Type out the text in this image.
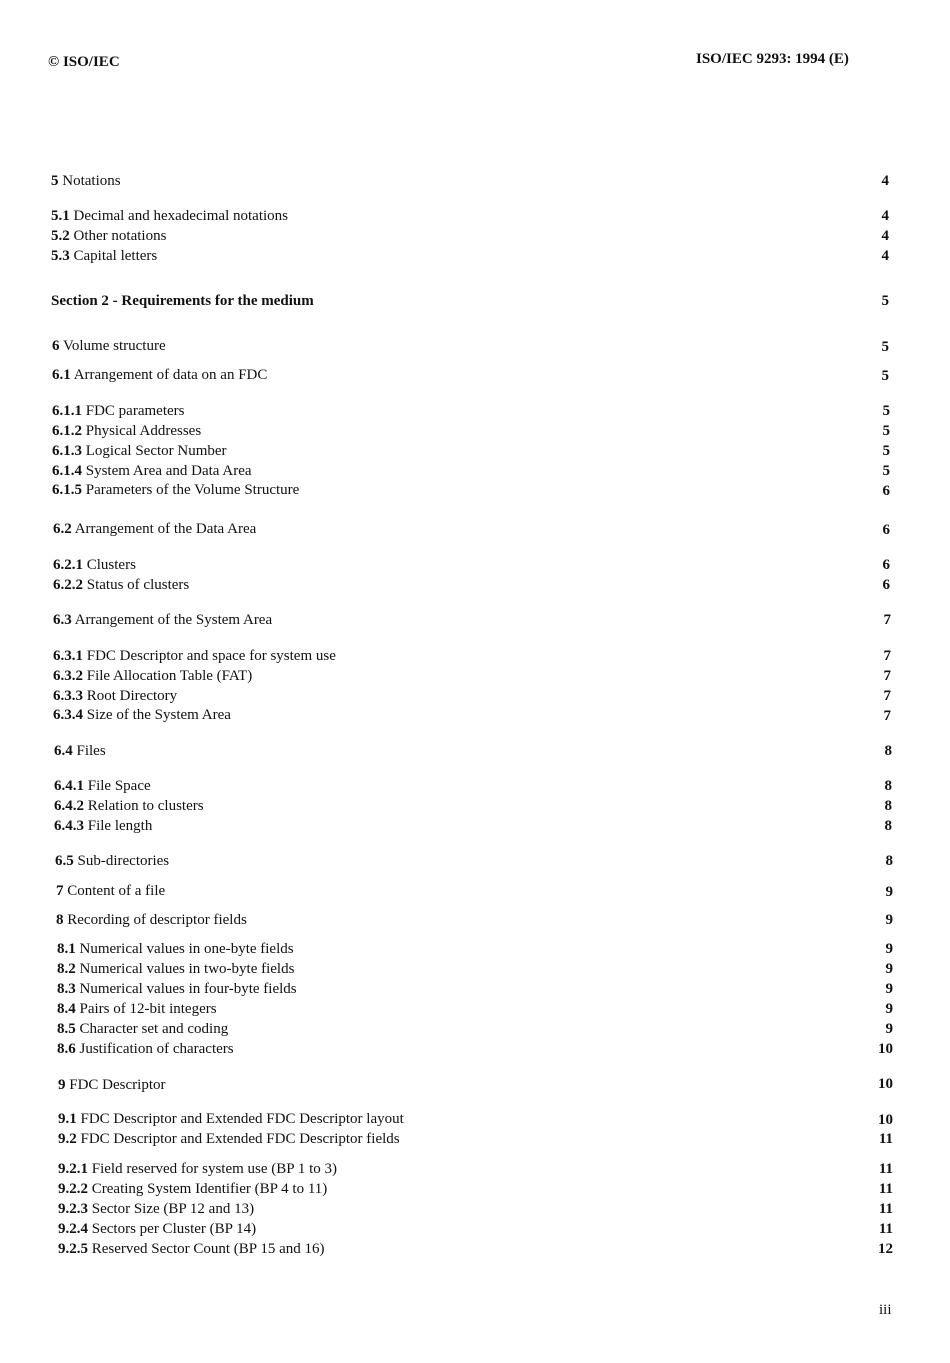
© ISO/IEC	ISO/IEC 9293: 1994 (E)
5 Notations	4
5.1 Decimal and hexadecimal notations	4
5.2 Other notations	4
5.3 Capital letters	4
Section 2 - Requirements for the medium	5
6 Volume structure	5
6.1 Arrangement of data on an FDC	5
6.1.1 FDC parameters	5
6.1.2 Physical Addresses	5
6.1.3 Logical Sector Number	5
6.1.4 System Area and Data Area	5
6.1.5 Parameters of the Volume Structure	6
6.2 Arrangement of the Data Area	6
6.2.1 Clusters	6
6.2.2 Status of clusters	6
6.3 Arrangement of the System Area	7
6.3.1 FDC Descriptor and space for system use	7
6.3.2 File Allocation Table (FAT)	7
6.3.3 Root Directory	7
6.3.4 Size of the System Area	7
6.4 Files	8
6.4.1 File Space	8
6.4.2 Relation to clusters	8
6.4.3 File length	8
6.5 Sub-directories	8
7 Content of a file	9
8 Recording of descriptor fields	9
8.1 Numerical values in one-byte fields	9
8.2 Numerical values in two-byte fields	9
8.3 Numerical values in four-byte fields	9
8.4 Pairs of 12-bit integers	9
8.5 Character set and coding	9
8.6 Justification of characters	10
9 FDC Descriptor	10
9.1 FDC Descriptor and Extended FDC Descriptor layout	10
9.2 FDC Descriptor and Extended FDC Descriptor fields	11
9.2.1 Field reserved for system use (BP 1 to 3)	11
9.2.2 Creating System Identifier (BP 4 to 11)	11
9.2.3 Sector Size (BP 12 and 13)	11
9.2.4 Sectors per Cluster (BP 14)	11
9.2.5 Reserved Sector Count (BP 15 and 16)	12
iii
